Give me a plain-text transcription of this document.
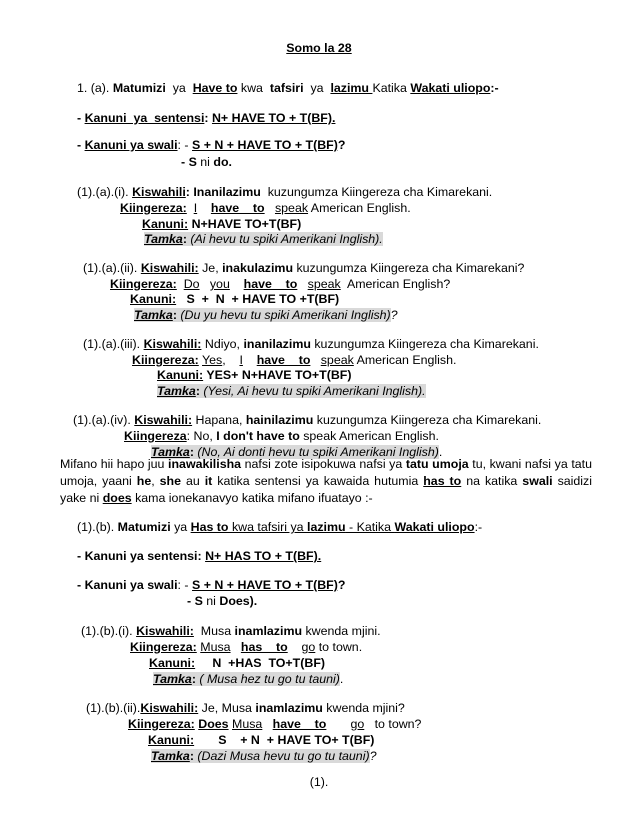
Somo la 28
1. (a). Matumizi  ya  Have to kwa  tafsiri  ya  lazimu Katika Wakati uliopo:-
- Kanuni  ya  sentensi: N+ HAVE TO + T(BF).
- Kanuni ya swali: - S + N + HAVE TO + T(BF)?
- S ni do.
(1).(a).(i). Kiswahili: Inanilazimu  kuzungumza Kiingereza cha Kimarekani.
Kiingereza: I have    to speak American English.
Kanuni: N+HAVE TO+T(BF)
Tamka: (Ai hevu tu spiki Amerikani Inglish).
(1).(a).(ii). Kiswahili: Je, inakulazimu kuzungumza Kiingereza cha Kimarekani?
Kiingereza: Do you have    to speak  American English?
Kanuni:   S  +  N  + HAVE TO +T(BF)
Tamka: (Du yu hevu tu spiki Amerikani Inglish)?
(1).(a).(iii). Kiswahili: Ndiyo, inanilazimu kuzungumza Kiingereza cha Kimarekani.
Kiingereza: Yes,    I have    to speak American English.
Kanuni: YES+ N+HAVE TO+T(BF)
Tamka: (Yesi, Ai hevu tu spiki Amerikani Inglish).
(1).(a).(iv). Kiswahili: Hapana, hainilazimu kuzungumza Kiingereza cha Kimarekani.
Kiingereza: No, I don't have to speak American English.
Tamka: (No, Ai donti hevu tu spiki Amerikani Inglish).
Mifano hii hapo juu inawakilisha nafsi zote isipokuwa nafsi ya tatu umoja tu, kwani nafsi ya tatu umoja, yaani he, she au it katika sentensi ya kawaida hutumia has to na katika swali saidizi yake ni does kama ionekanavyo katika mifano ifuatayo :-
(1).(b). Matumizi ya Has to kwa tafsiri ya lazimu - Katika Wakati uliopo:-
- Kanuni ya sentensi: N+ HAS TO + T(BF).
- Kanuni ya swali: - S + N + HAVE TO + T(BF)?
- S ni Does).
(1).(b).(i). Kiswahili:  Musa inamlazimu kwenda mjini.
Kiingereza: Musa has    to go to town.
Kanuni:     N  +HAS  TO+T(BF)
Tamka: ( Musa hez tu go tu tauni).
(1).(b).(ii).Kiswahili: Je, Musa inamlazimu kwenda mjini?
Kiingereza: Does Musa have    to go   to town?
Kanuni:       S    + N  + HAVE TO+ T(BF)
Tamka: (Dazi Musa hevu tu go tu tauni)?
(1).
